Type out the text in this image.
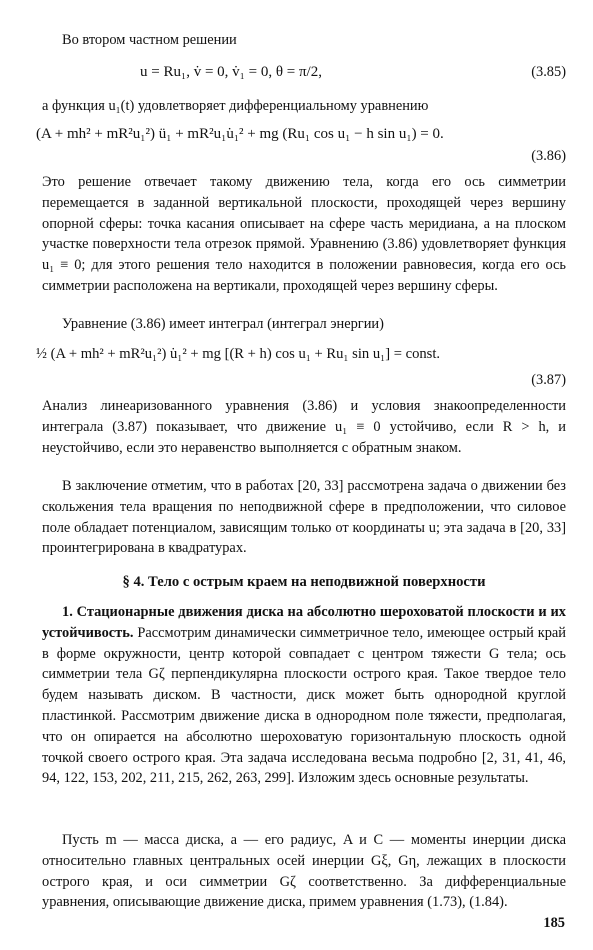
Во втором частном решении

u = Ru₁, v̇ = 0, v̇₁ = 0, θ = π/2,	(3.85)

а функция u₁(t) удовлетворяет дифференциальному уравнению

(A + mh² + mR²u₁²) ü₁ + mR²u₁u̇₁² + mg (Ru₁ cos u₁ − h sin u₁) = 0.

(3.86)

Это решение отвечает такому движению тела, когда его ось симметрии перемещается в заданной вертикальной плоскости, проходящей через вершину опорной сферы: точка касания описывает на сфере часть меридиана, а на плоском участке поверхности тела отрезок прямой. Уравнению (3.86) удовлетворяет функция u₁ ≡ 0; для этого решения тело находится в положении равновесия, когда его ось симметрии расположена на вертикали, проходящей через вершину сферы.

Уравнение (3.86) имеет интеграл (интеграл энергии)

½ (A + mh² + mR²u₁²) u̇₁² + mg [(R + h) cos u₁ + Ru₁ sin u₁] = const.

(3.87)

Анализ линеаризованного уравнения (3.86) и условия знакоопределенности интеграла (3.87) показывает, что движение u₁ ≡ 0 устойчиво, если R > h, и неустойчиво, если это неравенство выполняется с обратным знаком.

В заключение отметим, что в работах [20, 33] рассмотрена задача о движении без скольжения тела вращения по неподвижной сфере в предположении, что силовое поле обладает потенциалом, зависящим только от координаты u; эта задача в [20, 33] проинтегрирована в квадратурах.

§ 4. Тело с острым краем на неподвижной поверхности

1. Стационарные движения диска на абсолютно шероховатой плоскости и их устойчивость. Рассмотрим динамически симметричное тело, имеющее острый край в форме окружности, центр которой совпадает с центром тяжести G тела; ось симметрии тела Gζ перпендикулярна плоскости острого края. Такое твердое тело будем называть диском. В частности, диск может быть однородной круглой пластинкой. Рассмотрим движение диска в однородном поле тяжести, предполагая, что он опирается на абсолютно шероховатую горизонтальную плоскость одной точкой своего острого края. Эта задача исследована весьма подробно [2, 31, 41, 46, 94, 122, 153, 202, 211, 215, 262, 263, 299]. Изложим здесь основные результаты.

Пусть m — масса диска, a — его радиус, A и C — моменты инерции диска относительно главных центральных осей инерции Gξ, Gη, лежащих в плоскости острого края, и оси симметрии Gζ соответственно. За дифференциальные уравнения, описывающие движение диска, примем уравнения (1.73), (1.84).

185
